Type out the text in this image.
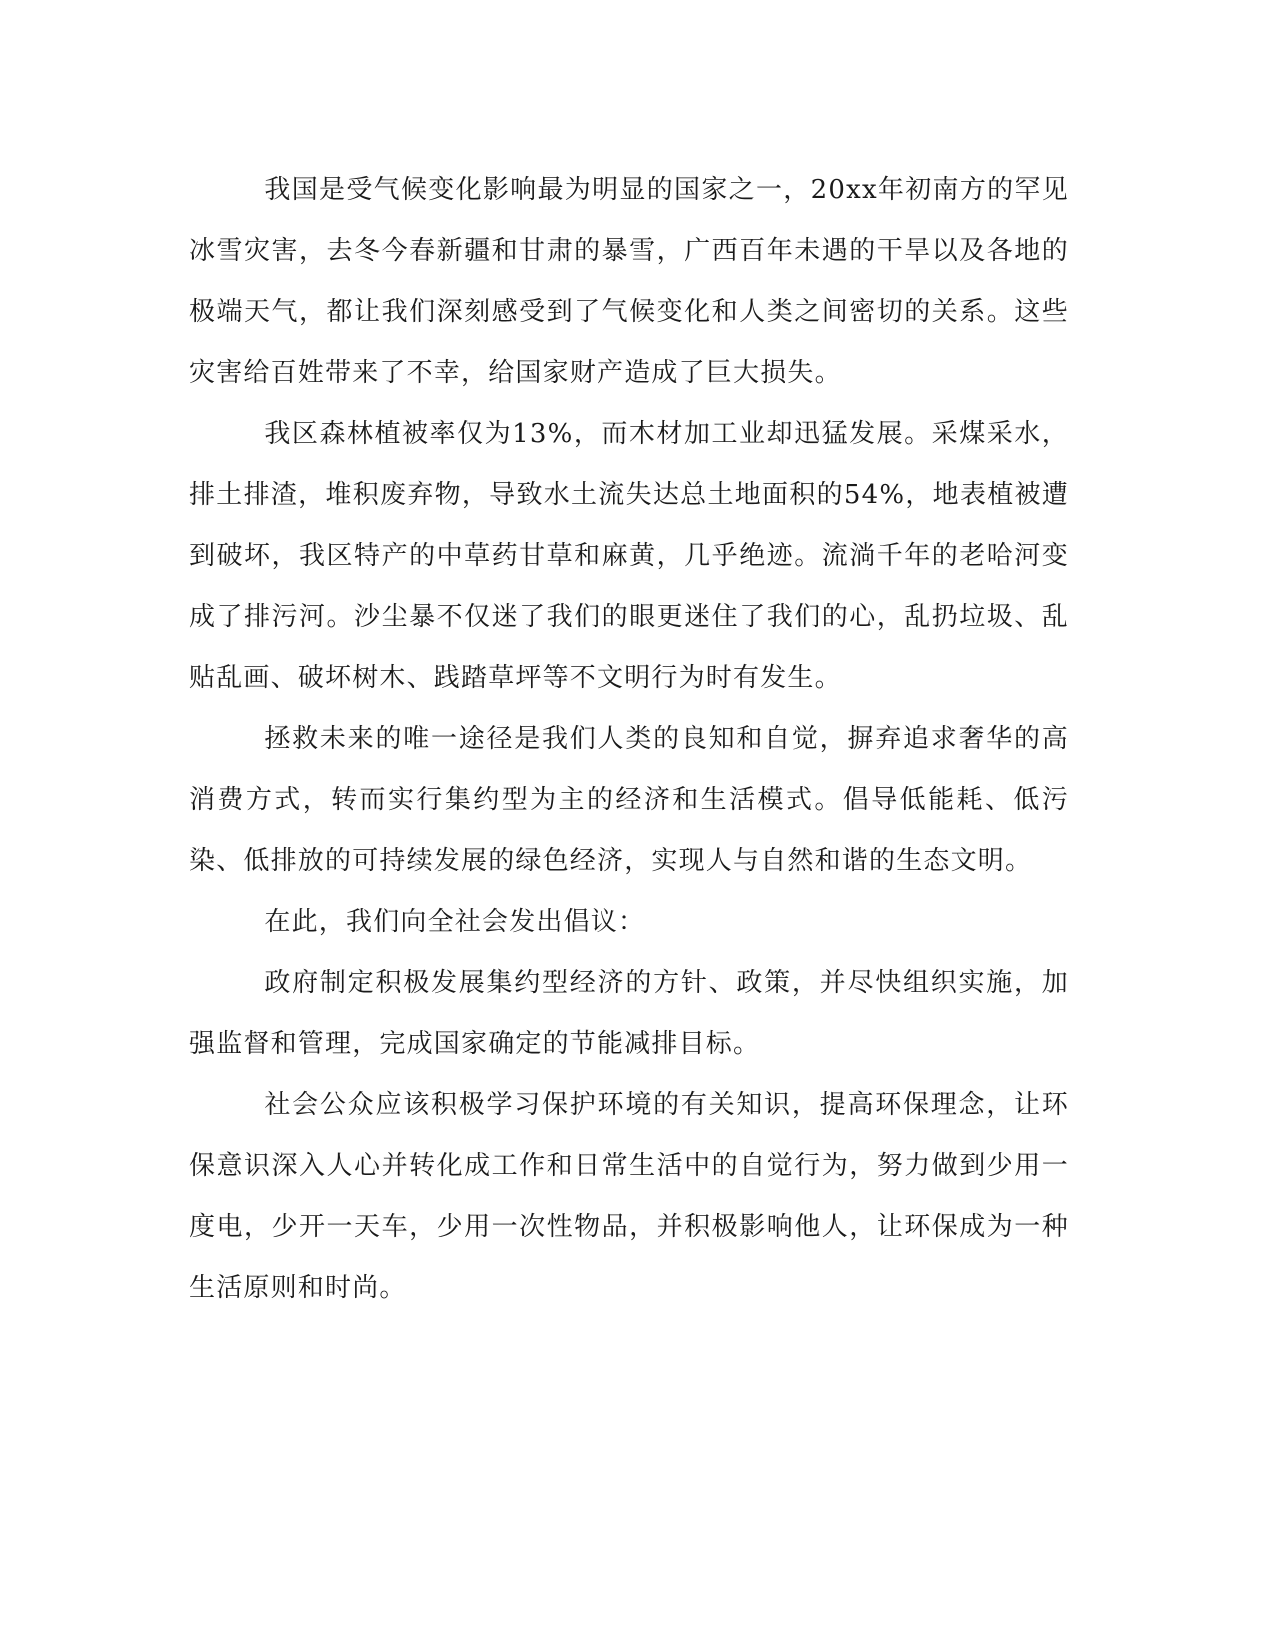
我国是受气候变化影响最为明显的国家之一，20xx年初南方的罕见冰雪灾害，去冬今春新疆和甘肃的暴雪，广西百年未遇的干旱以及各地的极端天气，都让我们深刻感受到了气候变化和人类之间密切的关系。这些灾害给百姓带来了不幸，给国家财产造成了巨大损失。

我区森林植被率仅为13%，而木材加工业却迅猛发展。采煤采水，排土排渣，堆积废弃物，导致水土流失达总土地面积的54%，地表植被遭到破坏，我区特产的中草药甘草和麻黄，几乎绝迹。流淌千年的老哈河变成了排污河。沙尘暴不仅迷了我们的眼更迷住了我们的心，乱扔垃圾、乱贴乱画、破坏树木、践踏草坪等不文明行为时有发生。

拯救未来的唯一途径是我们人类的良知和自觉，摒弃追求奢华的高消费方式，转而实行集约型为主的经济和生活模式。倡导低能耗、低污染、低排放的可持续发展的绿色经济，实现人与自然和谐的生态文明。

在此，我们向全社会发出倡议：

政府制定积极发展集约型经济的方针、政策，并尽快组织实施，加强监督和管理，完成国家确定的节能减排目标。

社会公众应该积极学习保护环境的有关知识，提高环保理念，让环保意识深入人心并转化成工作和日常生活中的自觉行为，努力做到少用一度电，少开一天车，少用一次性物品，并积极影响他人，让环保成为一种生活原则和时尚。
